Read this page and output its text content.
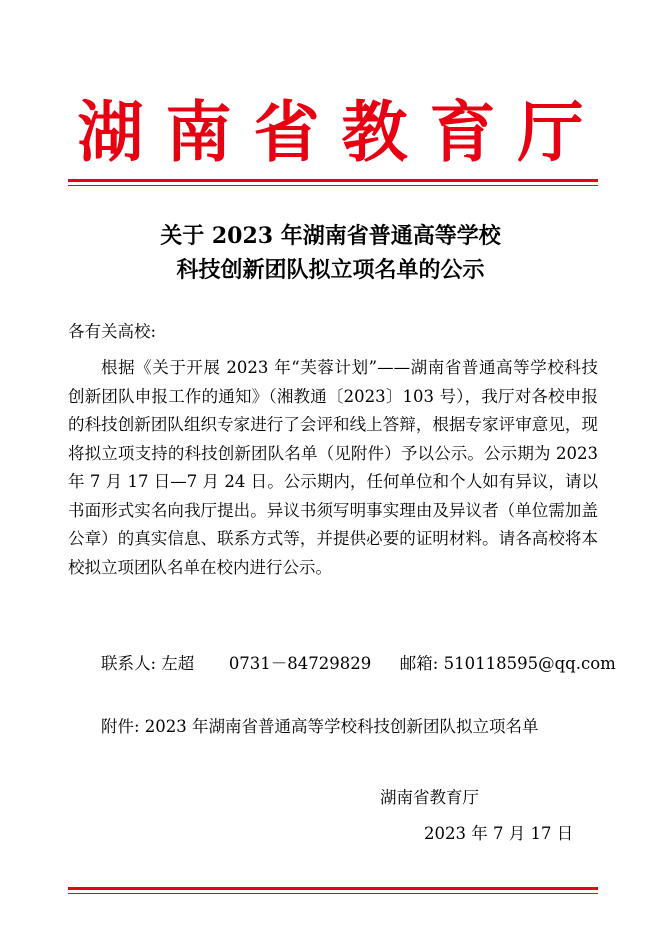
湖南省教育厅
关于 2023 年湖南省普通高等学校
科技创新团队拟立项名单的公示
各有关高校:
根据《关于开展 2023 年“芙蓉计划”——湖南省普通高等学校科技创新团队申报工作的通知》（湘教通〔2023〕103 号），我厅对各校申报的科技创新团队组织专家进行了会评和线上答辩，根据专家评审意见，现将拟立项支持的科技创新团队名单（见附件）予以公示。公示期为 2023 年 7 月 17 日—7 月 24 日。公示期内，任何单位和个人如有异议，请以书面形式实名向我厅提出。异议书须写明事实理由及异议者（单位需加盖公章）的真实信息、联系方式等，并提供必要的证明材料。请各高校将本校拟立项团队名单在校内进行公示。
联系人: 左超 0731－84729829 邮箱: 510118595@qq.com
附件: 2023 年湖南省普通高等学校科技创新团队拟立项名单
湖南省教育厅
2023 年 7 月 17 日
